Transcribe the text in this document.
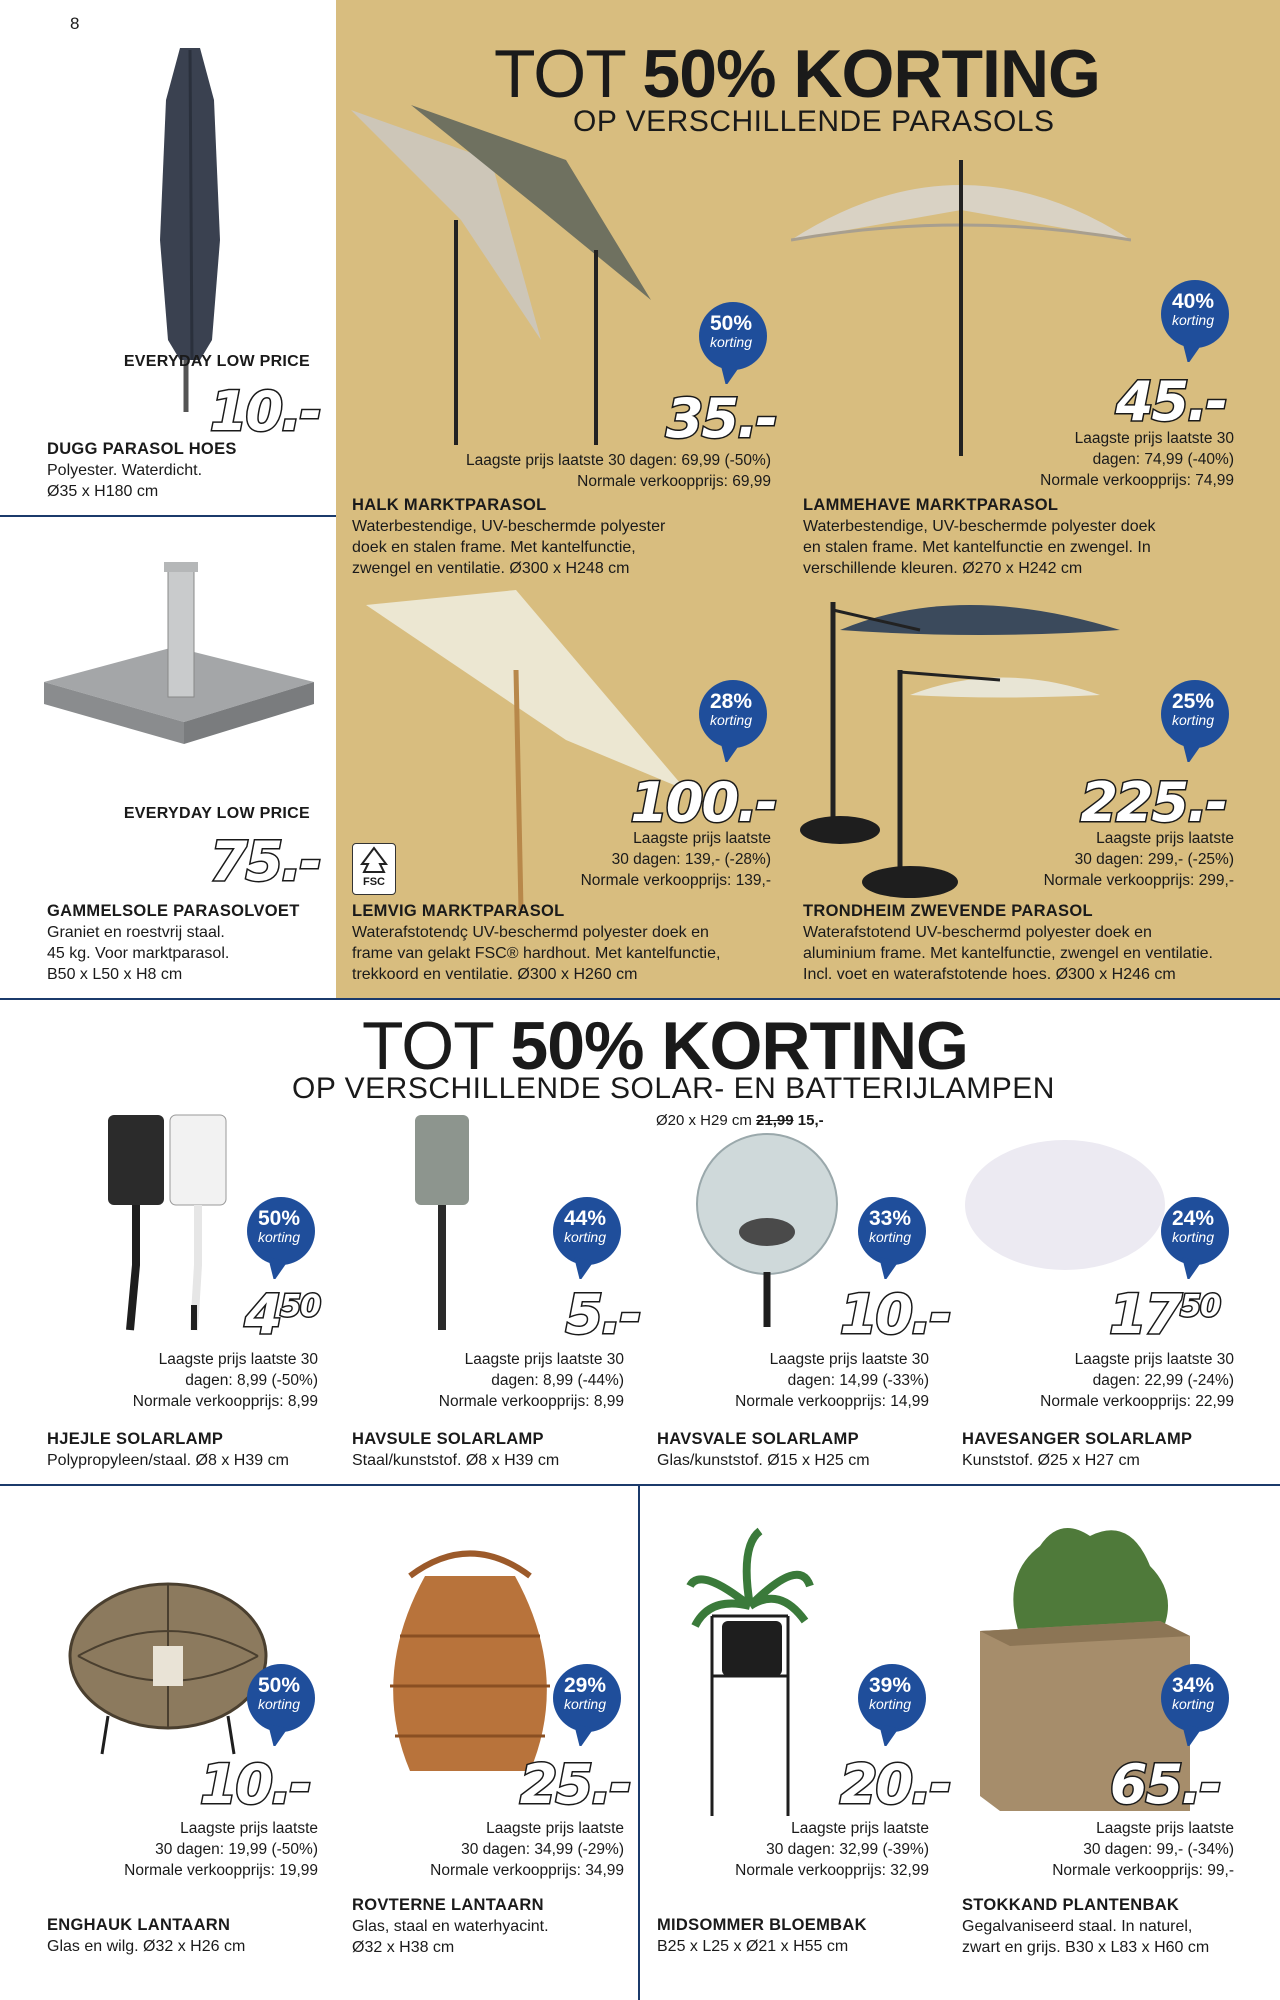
8
TOT 50% KORTING
OP VERSCHILLENDE PARASOLS
EVERYDAY LOW PRICE
10.-
DUGG PARASOL HOES
Polyester. Waterdicht.
Ø35 x H180 cm
EVERYDAY LOW PRICE
75.-
GAMMELSOLE PARASOLVOET
Graniet en roestvrij staal.
45 kg. Voor marktparasol.
B50 x L50 x H8 cm
35.-
Laagste prijs laatste 30 dagen: 69,99 (-50%)
Normale verkoopprijs: 69,99
HALK MARKTPARASOL
Waterbestendige, UV-beschermde polyester
doek en stalen frame. Met kantelfunctie,
zwengel en ventilatie. Ø300 x H248 cm
50%
korting
45.-
Laagste prijs laatste 30
dagen: 74,99 (-40%)
Normale verkoopprijs: 74,99
LAMMEHAVE MARKTPARASOL
Waterbestendige, UV-beschermde polyester doek
en stalen frame. Met kantelfunctie en zwengel. In
verschillende kleuren. Ø270 x H242 cm
40%
korting
FSC
100.-
Laagste prijs laatste
30 dagen: 139,- (-28%)
Normale verkoopprijs: 139,-
LEMVIG MARKTPARASOL
Waterafstotendç UV-beschermd polyester doek en
frame van gelakt FSC® hardhout. Met kantelfunctie,
trekkoord en ventilatie. Ø300 x H260 cm
28%
korting
225.-
Laagste prijs laatste
30 dagen: 299,- (-25%)
Normale verkoopprijs: 299,-
TRONDHEIM ZWEVENDE PARASOL
Waterafstotend UV-beschermd polyester doek en
aluminium frame. Met kantelfunctie, zwengel en ventilatie.
Incl. voet en waterafstotende hoes. Ø300 x H246 cm
25%
korting
TOT 50% KORTING
OP VERSCHILLENDE SOLAR- EN BATTERIJLAMPEN
Ø20 x H29 cm 21,99 15,-
$4^{50}$
Laagste prijs laatste 30
dagen: 8,99 (-50%)
Normale verkoopprijs: 8,99
HJEJLE SOLARLAMP
Polypropyleen/staal. Ø8 x H39 cm
50%
korting
5.-
Laagste prijs laatste 30
dagen: 8,99 (-44%)
Normale verkoopprijs: 8,99
HAVSULE SOLARLAMP
Staal/kunststof. Ø8 x H39 cm
44%
korting
10.-
Laagste prijs laatste 30
dagen: 14,99 (-33%)
Normale verkoopprijs: 14,99
HAVSVALE SOLARLAMP
Glas/kunststof. Ø15 x H25 cm
33%
korting
$17^{50}$
Laagste prijs laatste 30
dagen: 22,99 (-24%)
Normale verkoopprijs: 22,99
HAVESANGER SOLARLAMP
Kunststof. Ø25 x H27 cm
24%
korting
10.-
Laagste prijs laatste
30 dagen: 19,99 (-50%)
Normale verkoopprijs: 19,99
ENGHAUK LANTAARN
Glas en wilg. Ø32 x H26 cm
50%
korting
25.-
Laagste prijs laatste
30 dagen: 34,99 (-29%)
Normale verkoopprijs: 34,99
ROVTERNE LANTAARN
Glas, staal en waterhyacint.
Ø32 x H38 cm
29%
korting
20.-
Laagste prijs laatste
30 dagen: 32,99 (-39%)
Normale verkoopprijs: 32,99
MIDSOMMER BLOEMBAK
B25 x L25 x Ø21 x H55 cm
39%
korting
65.-
Laagste prijs laatste
30 dagen: 99,- (-34%)
Normale verkoopprijs: 99,-
STOKKAND PLANTENBAK
Gegalvaniseerd staal. In naturel,
zwart en grijs. B30 x L83 x H60 cm
34%
korting
